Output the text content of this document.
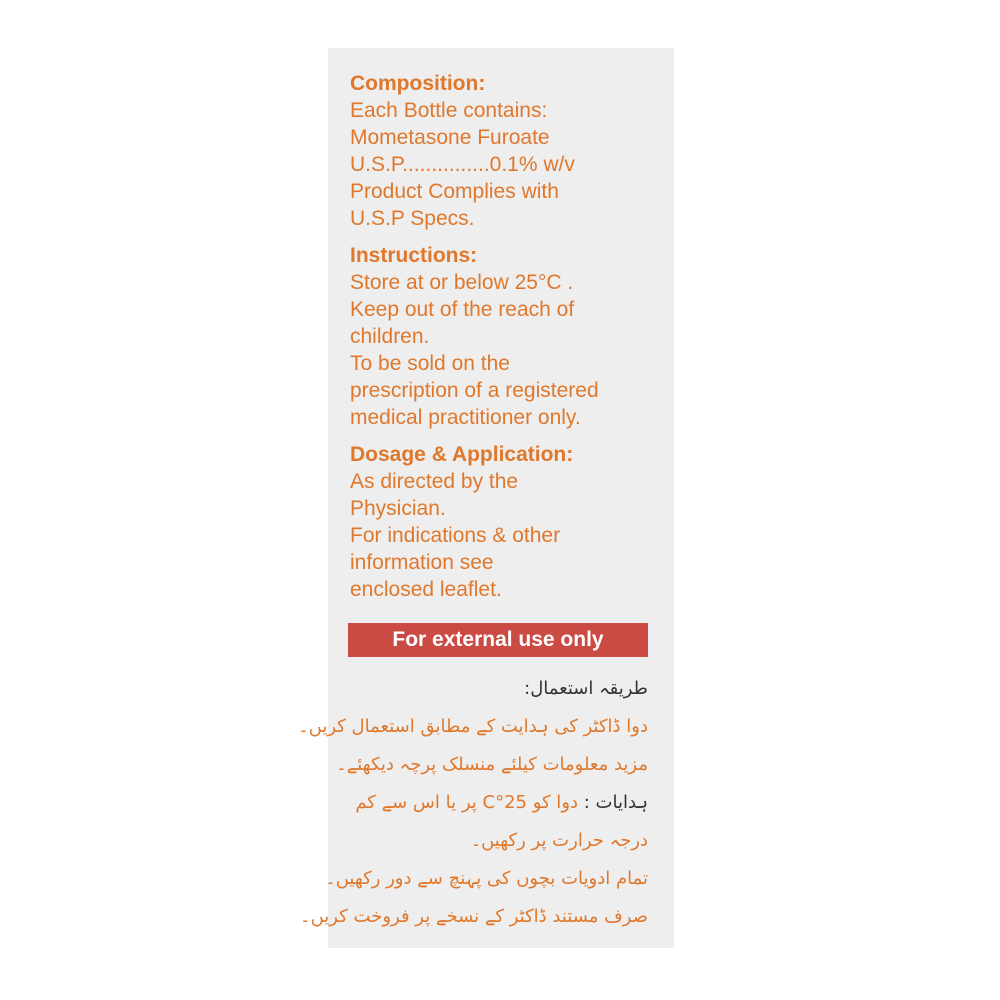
Composition:
Each Bottle contains:
Mometasone Furoate
U.S.P...............0.1% w/v
Product Complies with
U.S.P Specs.
Instructions:
Store at or below 25°C .
Keep out of the reach of
children.
To be sold on the
prescription of a registered
medical practitioner only.
Dosage & Application:
As directed by the
Physician.
For indications & other
information see
enclosed leaflet.
For external use only
طریقہ استعمال:
دوا ڈاکٹر کی ہدایت کے مطابق استعمال کریں۔
مزید معلومات کیلئے منسلک پرچہ دیکھئے۔
ہدایات : دوا کو 25°C پر یا اس سے کم
درجہ حرارت پر رکھیں۔
تمام ادویات بچوں کی پہنچ سے دور رکھیں۔
صرف مستند ڈاکٹر کے نسخے پر فروخت کریں۔
